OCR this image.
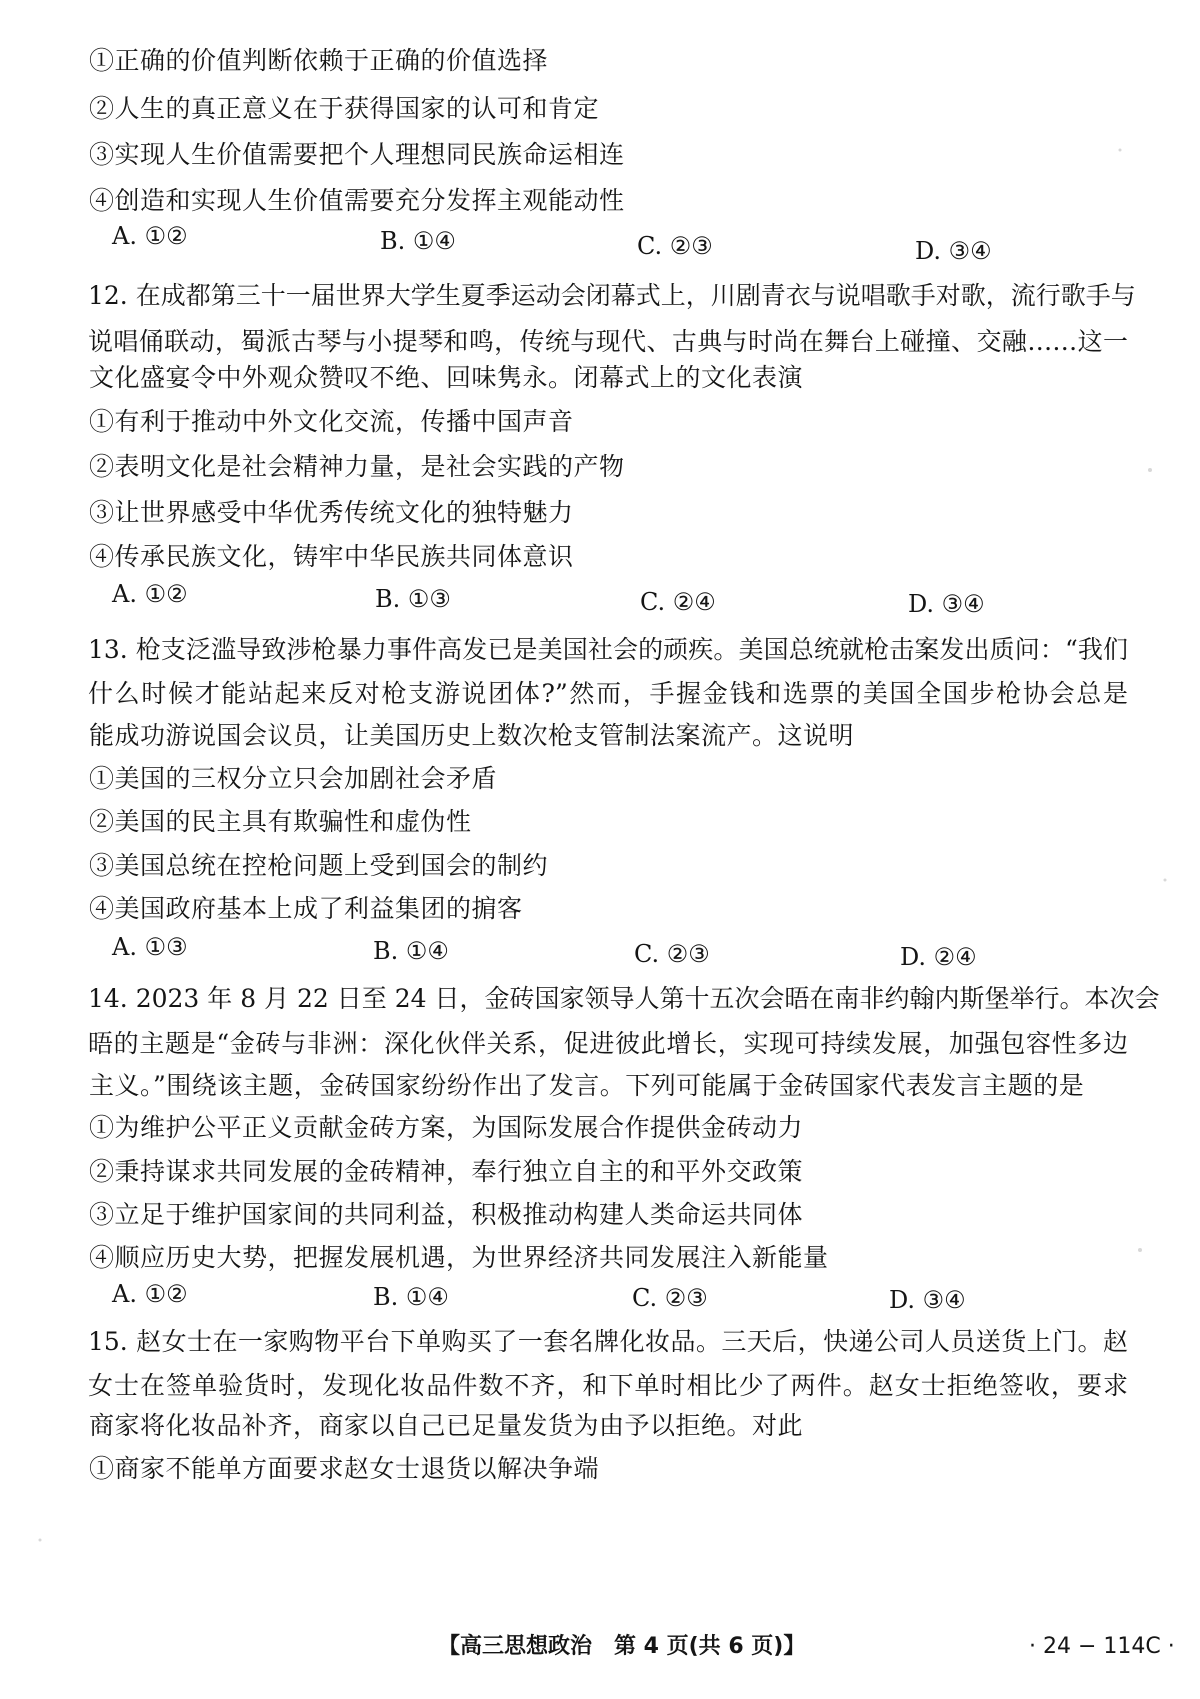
①正确的价值判断依赖于正确的价值选择
②人生的真正意义在于获得国家的认可和肯定
③实现人生价值需要把个人理想同民族命运相连
④创造和实现人生价值需要充分发挥主观能动性
A. ①②	B. ①④	C. ②③	D. ③④
12. 在成都第三十一届世界大学生夏季运动会闭幕式上，川剧青衣与说唱歌手对歌，流行歌手与
说唱俑联动，蜀派古琴与小提琴和鸣，传统与现代、古典与时尚在舞台上碰撞、交融……这一
文化盛宴令中外观众赞叹不绝、回味隽永。闭幕式上的文化表演
①有利于推动中外文化交流，传播中国声音
②表明文化是社会精神力量，是社会实践的产物
③让世界感受中华优秀传统文化的独特魅力
④传承民族文化，铸牢中华民族共同体意识
A. ①②	B. ①③	C. ②④	D. ③④
13. 枪支泛滥导致涉枪暴力事件高发已是美国社会的顽疾。美国总统就枪击案发出质问：“我们
什么时候才能站起来反对枪支游说团体?”然而，手握金钱和选票的美国全国步枪协会总是
能成功游说国会议员，让美国历史上数次枪支管制法案流产。这说明
①美国的三权分立只会加剧社会矛盾
②美国的民主具有欺骗性和虚伪性
③美国总统在控枪问题上受到国会的制约
④美国政府基本上成了利益集团的掮客
A. ①③	B. ①④	C. ②③	D. ②④
14. 2023 年 8 月 22 日至 24 日，金砖国家领导人第十五次会晤在南非约翰内斯堡举行。本次会
晤的主题是“金砖与非洲：深化伙伴关系，促进彼此增长，实现可持续发展，加强包容性多边
主义。”围绕该主题，金砖国家纷纷作出了发言。下列可能属于金砖国家代表发言主题的是
①为维护公平正义贡献金砖方案，为国际发展合作提供金砖动力
②秉持谋求共同发展的金砖精神，奉行独立自主的和平外交政策
③立足于维护国家间的共同利益，积极推动构建人类命运共同体
④顺应历史大势，把握发展机遇，为世界经济共同发展注入新能量
A. ①②	B. ①④	C. ②③	D. ③④
15. 赵女士在一家购物平台下单购买了一套名牌化妆品。三天后，快递公司人员送货上门。赵
女士在签单验货时，发现化妆品件数不齐，和下单时相比少了两件。赵女士拒绝签收，要求
商家将化妆品补齐，商家以自己已足量发货为由予以拒绝。对此
①商家不能单方面要求赵女士退货以解决争端
【高三思想政治　第 4 页(共 6 页)】	· 24 − 114C ·
